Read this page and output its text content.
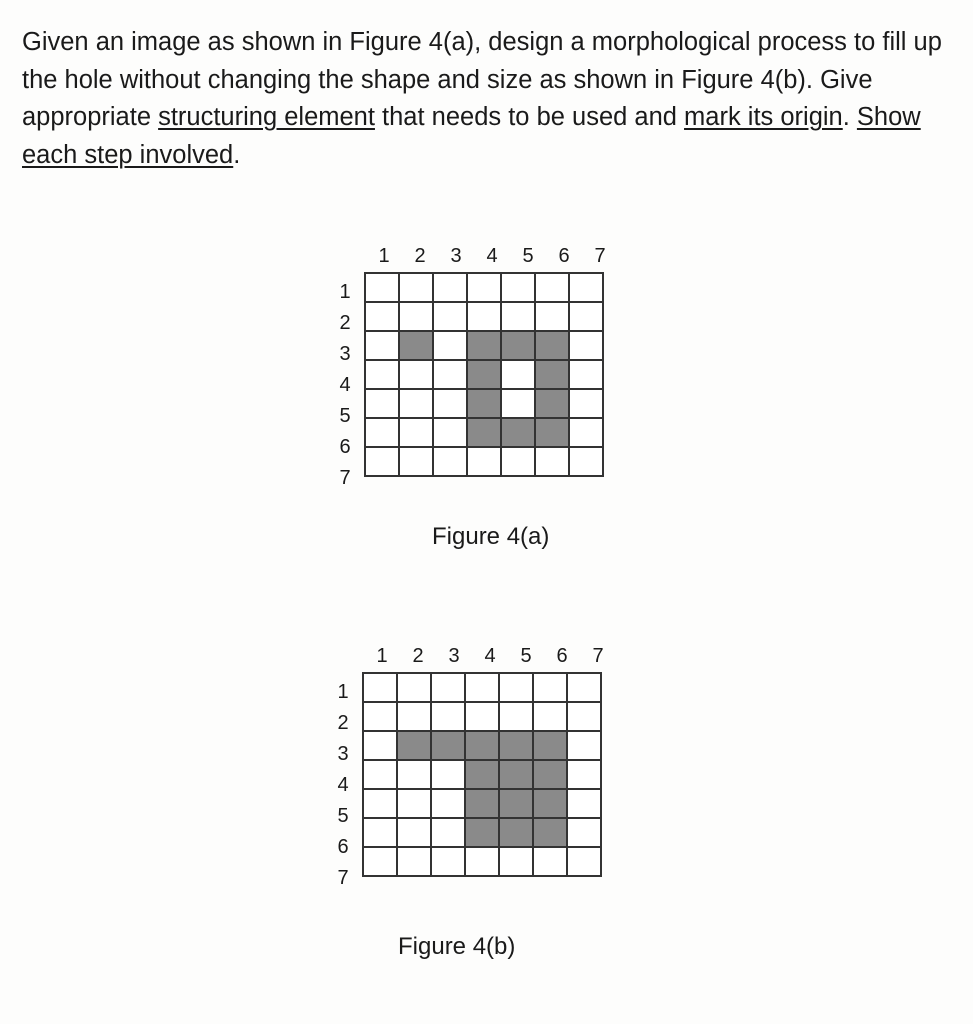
Given an image as shown in Figure 4(a), design a morphological process to fill up the hole without changing the shape and size as shown in Figure 4(b). Give appropriate structuring element that needs to be used and mark its origin. Show each step involved.
1	2	3	4	5	6	7
1
2
3
4
5
6
7
Figure 4(a)
1	2	3	4	5	6	7
1
2
3
4
5
6
7
Figure 4(b)
